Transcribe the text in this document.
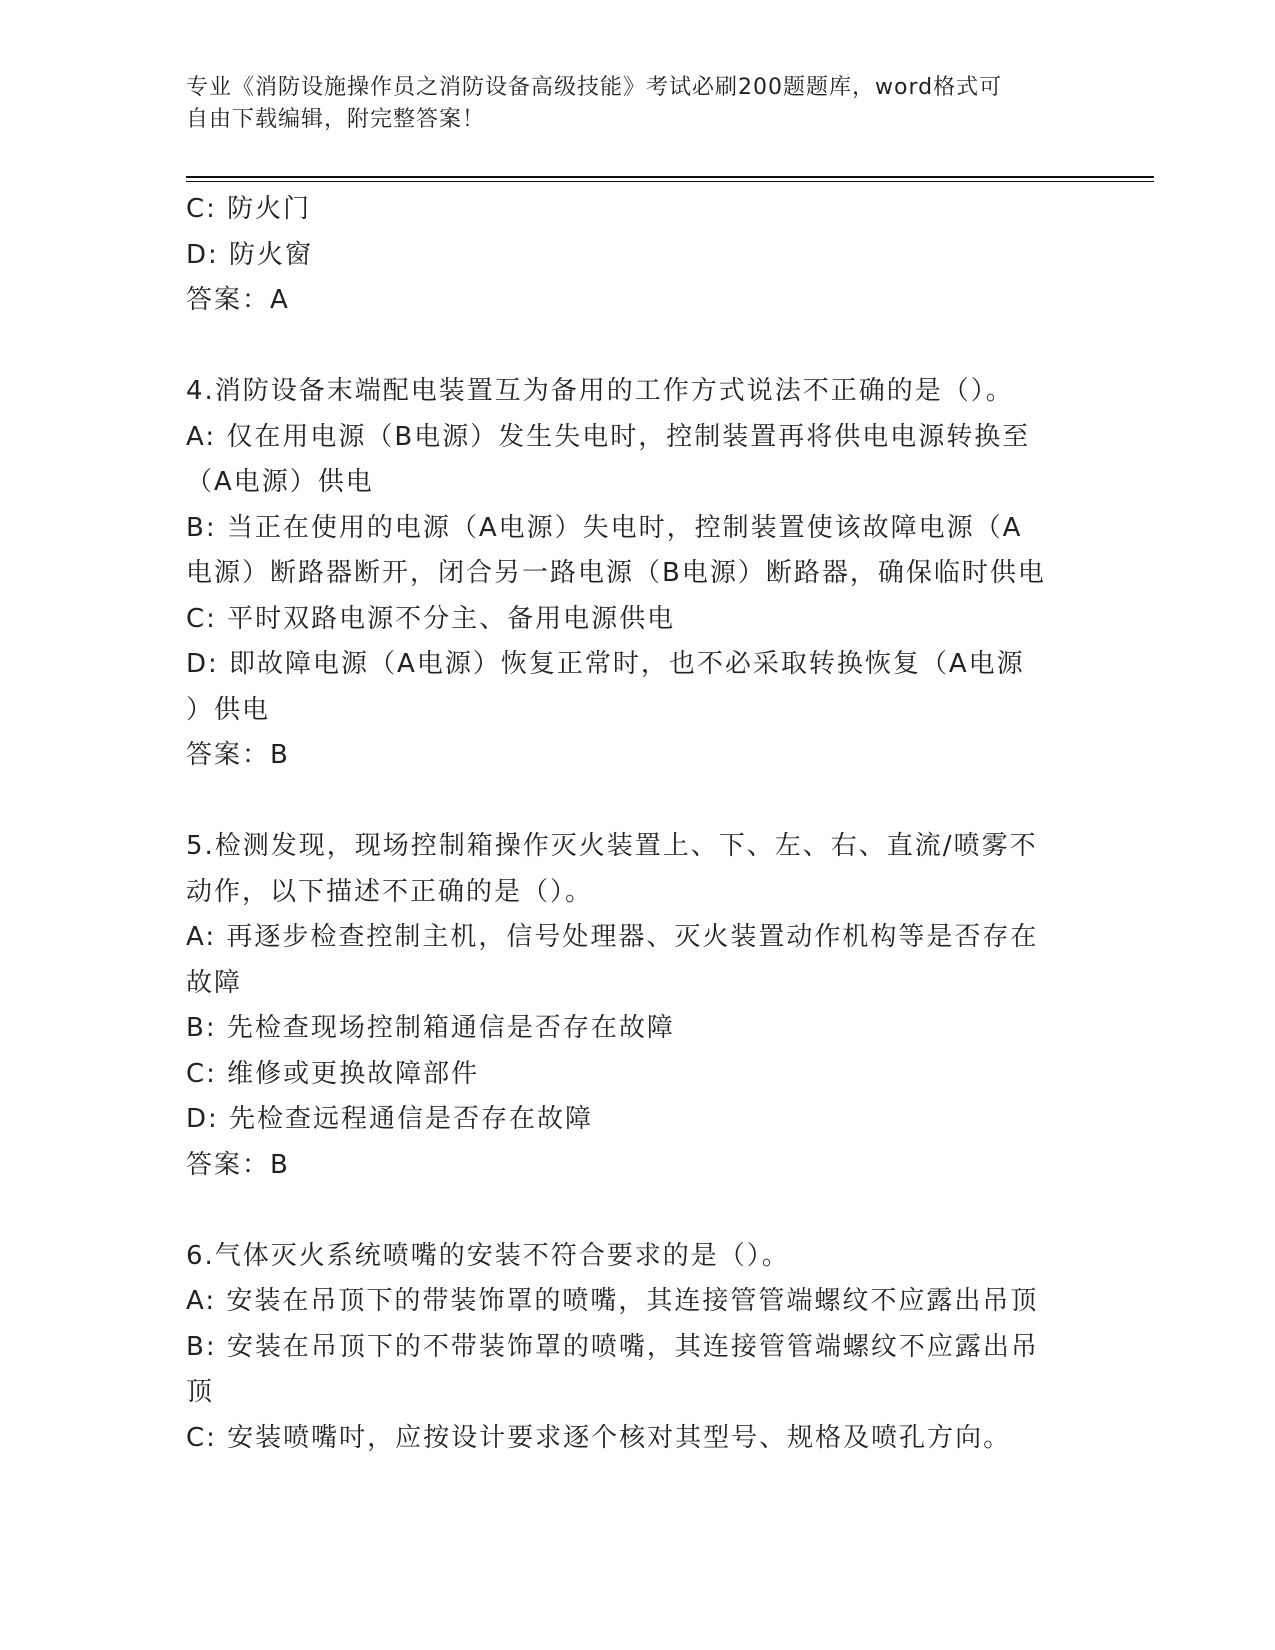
专业《消防设施操作员之消防设备高级技能》考试必刷200题题库，word格式可
自由下载编辑，附完整答案！
C: 防火门
D: 防火窗
答案：A
4.消防设备末端配电装置互为备用的工作方式说法不正确的是（）。
A: 仅在用电源（B电源）发生失电时，控制装置再将供电电源转换至
（A电源）供电
B: 当正在使用的电源（A电源）失电时，控制装置使该故障电源（A
电源）断路器断开，闭合另一路电源（B电源）断路器，确保临时供电
C: 平时双路电源不分主、备用电源供电
D: 即故障电源（A电源）恢复正常时，也不必采取转换恢复（A电源
）供电
答案：B
5.检测发现，现场控制箱操作灭火装置上、下、左、右、直流/喷雾不
动作，以下描述不正确的是（）。
A: 再逐步检查控制主机，信号处理器、灭火装置动作机构等是否存在
故障
B: 先检查现场控制箱通信是否存在故障
C: 维修或更换故障部件
D: 先检查远程通信是否存在故障
答案：B
6.气体灭火系统喷嘴的安装不符合要求的是（）。
A: 安装在吊顶下的带装饰罩的喷嘴，其连接管管端螺纹不应露出吊顶
B: 安装在吊顶下的不带装饰罩的喷嘴，其连接管管端螺纹不应露出吊
顶
C: 安装喷嘴吋，应按设计要求逐个核对其型号、规格及喷孔方向。
